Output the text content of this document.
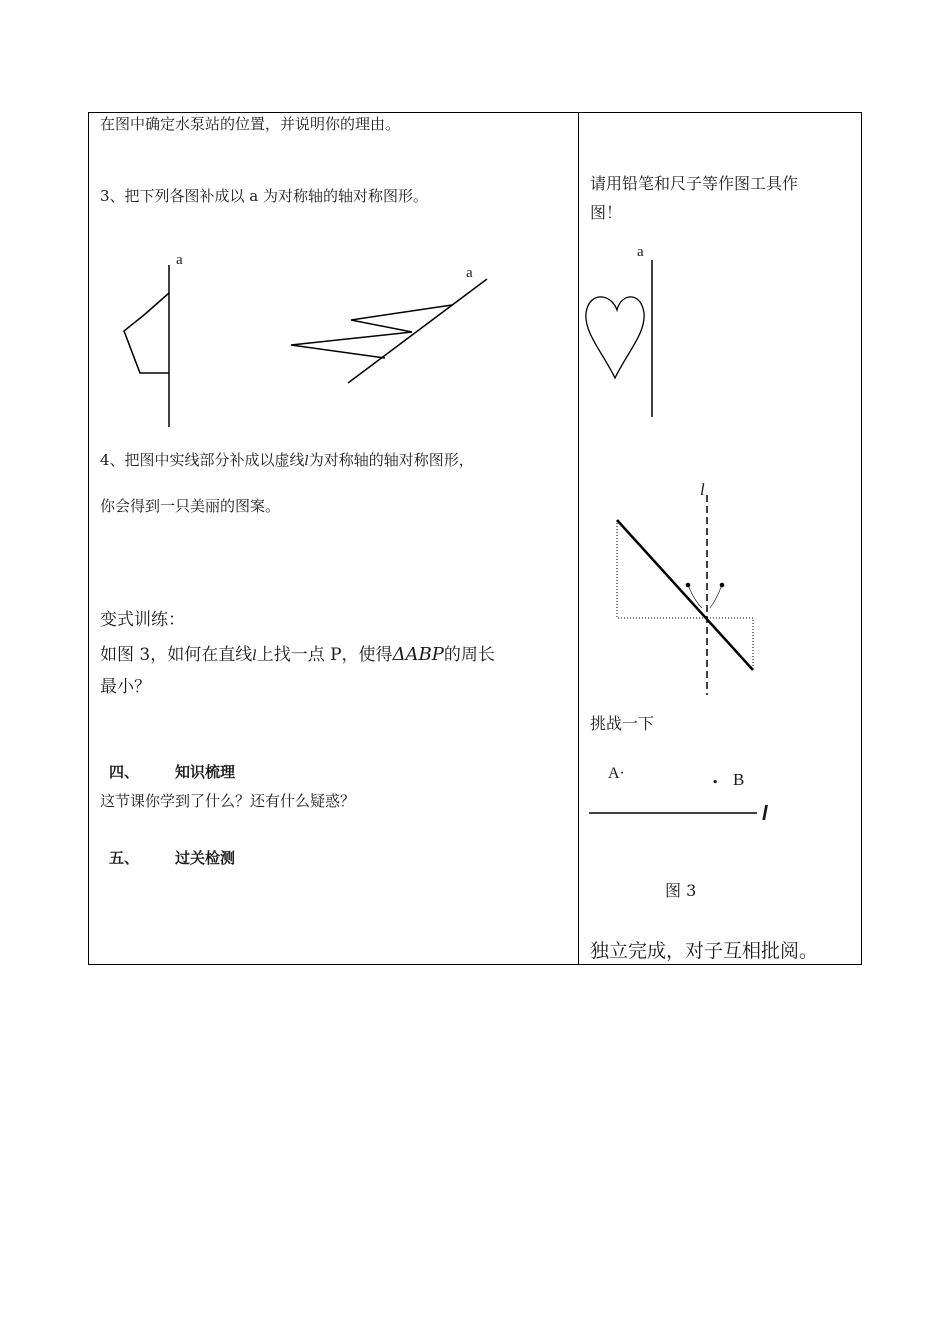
在图中确定水泵站的位置，并说明你的理由。
3、把下列各图补成以 a 为对称轴的轴对称图形。
a
a
4、把图中实线部分补成以虚线l为对称轴的轴对称图形，
你会得到一只美丽的图案。
变式训练：
如图 3，如何在直线l上找一点 P，使得ΔABP的周长
最小？
四、 知识梳理
这节课你学到了什么？还有什么疑惑？
五、 过关检测
请用铅笔和尺子等作图工具作
图！
a
l
挑战一下
A·	. B
l
图 3
独立完成，对子互相批阅。
